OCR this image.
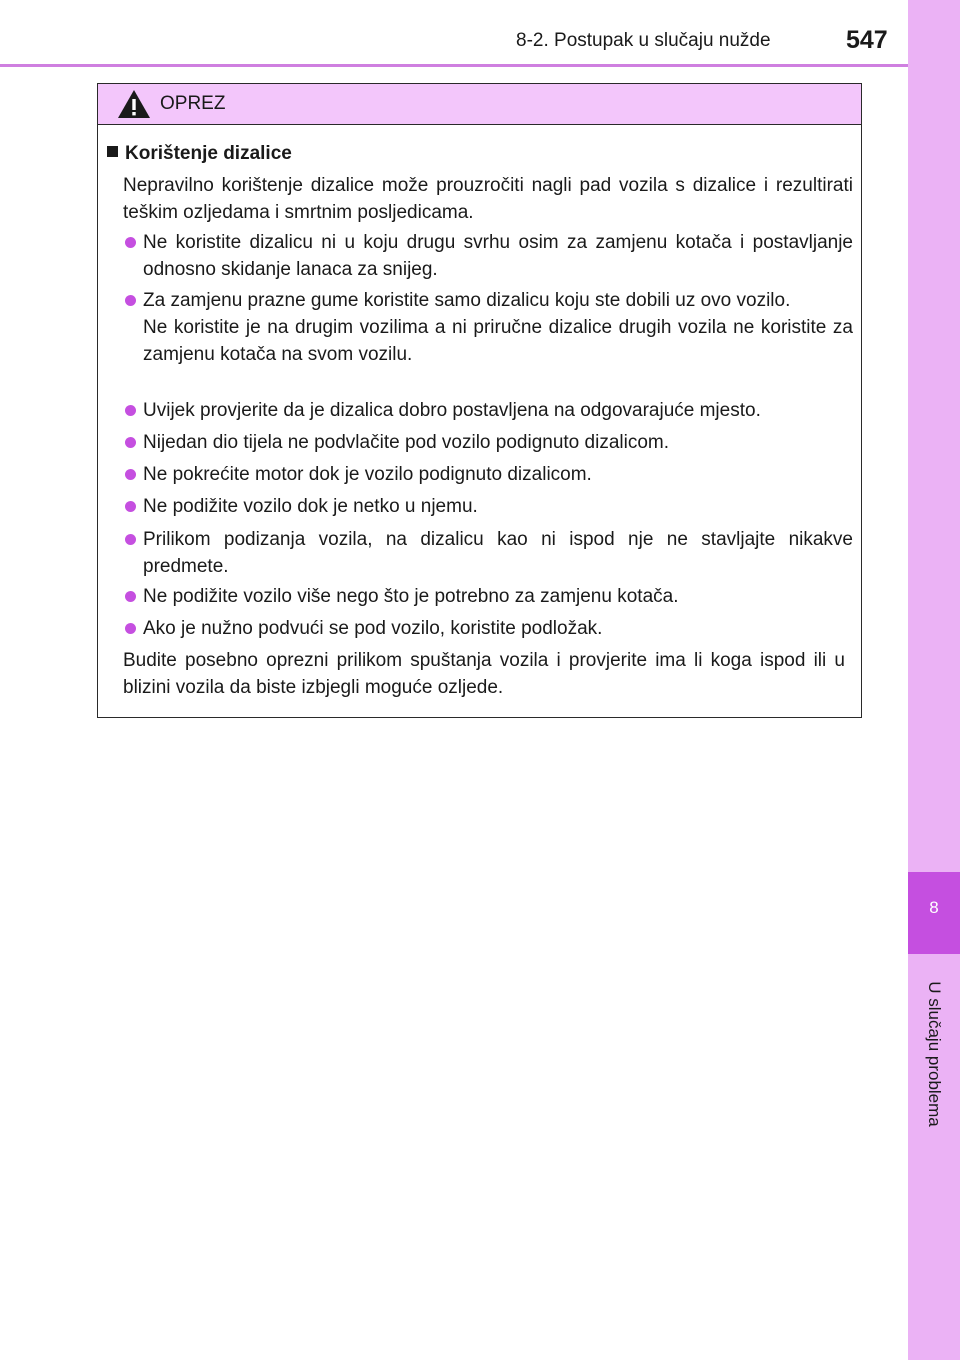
8-2. Postupak u slučaju nužde	547
8
U slučaju problema
OPREZ
Korištenje dizalice
Nepravilno korištenje dizalice može prouzročiti nagli pad vozila s dizalice i rezultirati teškim ozljedama i smrtnim posljedicama.
Ne koristite dizalicu ni u koju drugu svrhu osim za zamjenu kotača i postavljanje odnosno skidanje lanaca za snijeg.
Za zamjenu prazne gume koristite samo dizalicu koju ste dobili uz ovo vozilo.
Ne koristite je na drugim vozilima a ni priručne dizalice drugih vozila ne koristite za zamjenu kotača na svom vozilu.
Uvijek provjerite da je dizalica dobro postavljena na odgovarajuće mjesto.
Nijedan dio tijela ne podvlačite pod vozilo podignuto dizalicom.
Ne pokrećite motor dok je vozilo podignuto dizalicom.
Ne podižite vozilo dok je netko u njemu.
Prilikom podizanja vozila, na dizalicu kao ni ispod nje ne stavljajte nikakve predmete.
Ne podižite vozilo više nego što je potrebno za zamjenu kotača.
Ako je nužno podvući se pod vozilo, koristite podložak.
Budite posebno oprezni prilikom spuštanja vozila i provjerite ima li koga ispod ili u blizini vozila da biste izbjegli moguće ozljede.
